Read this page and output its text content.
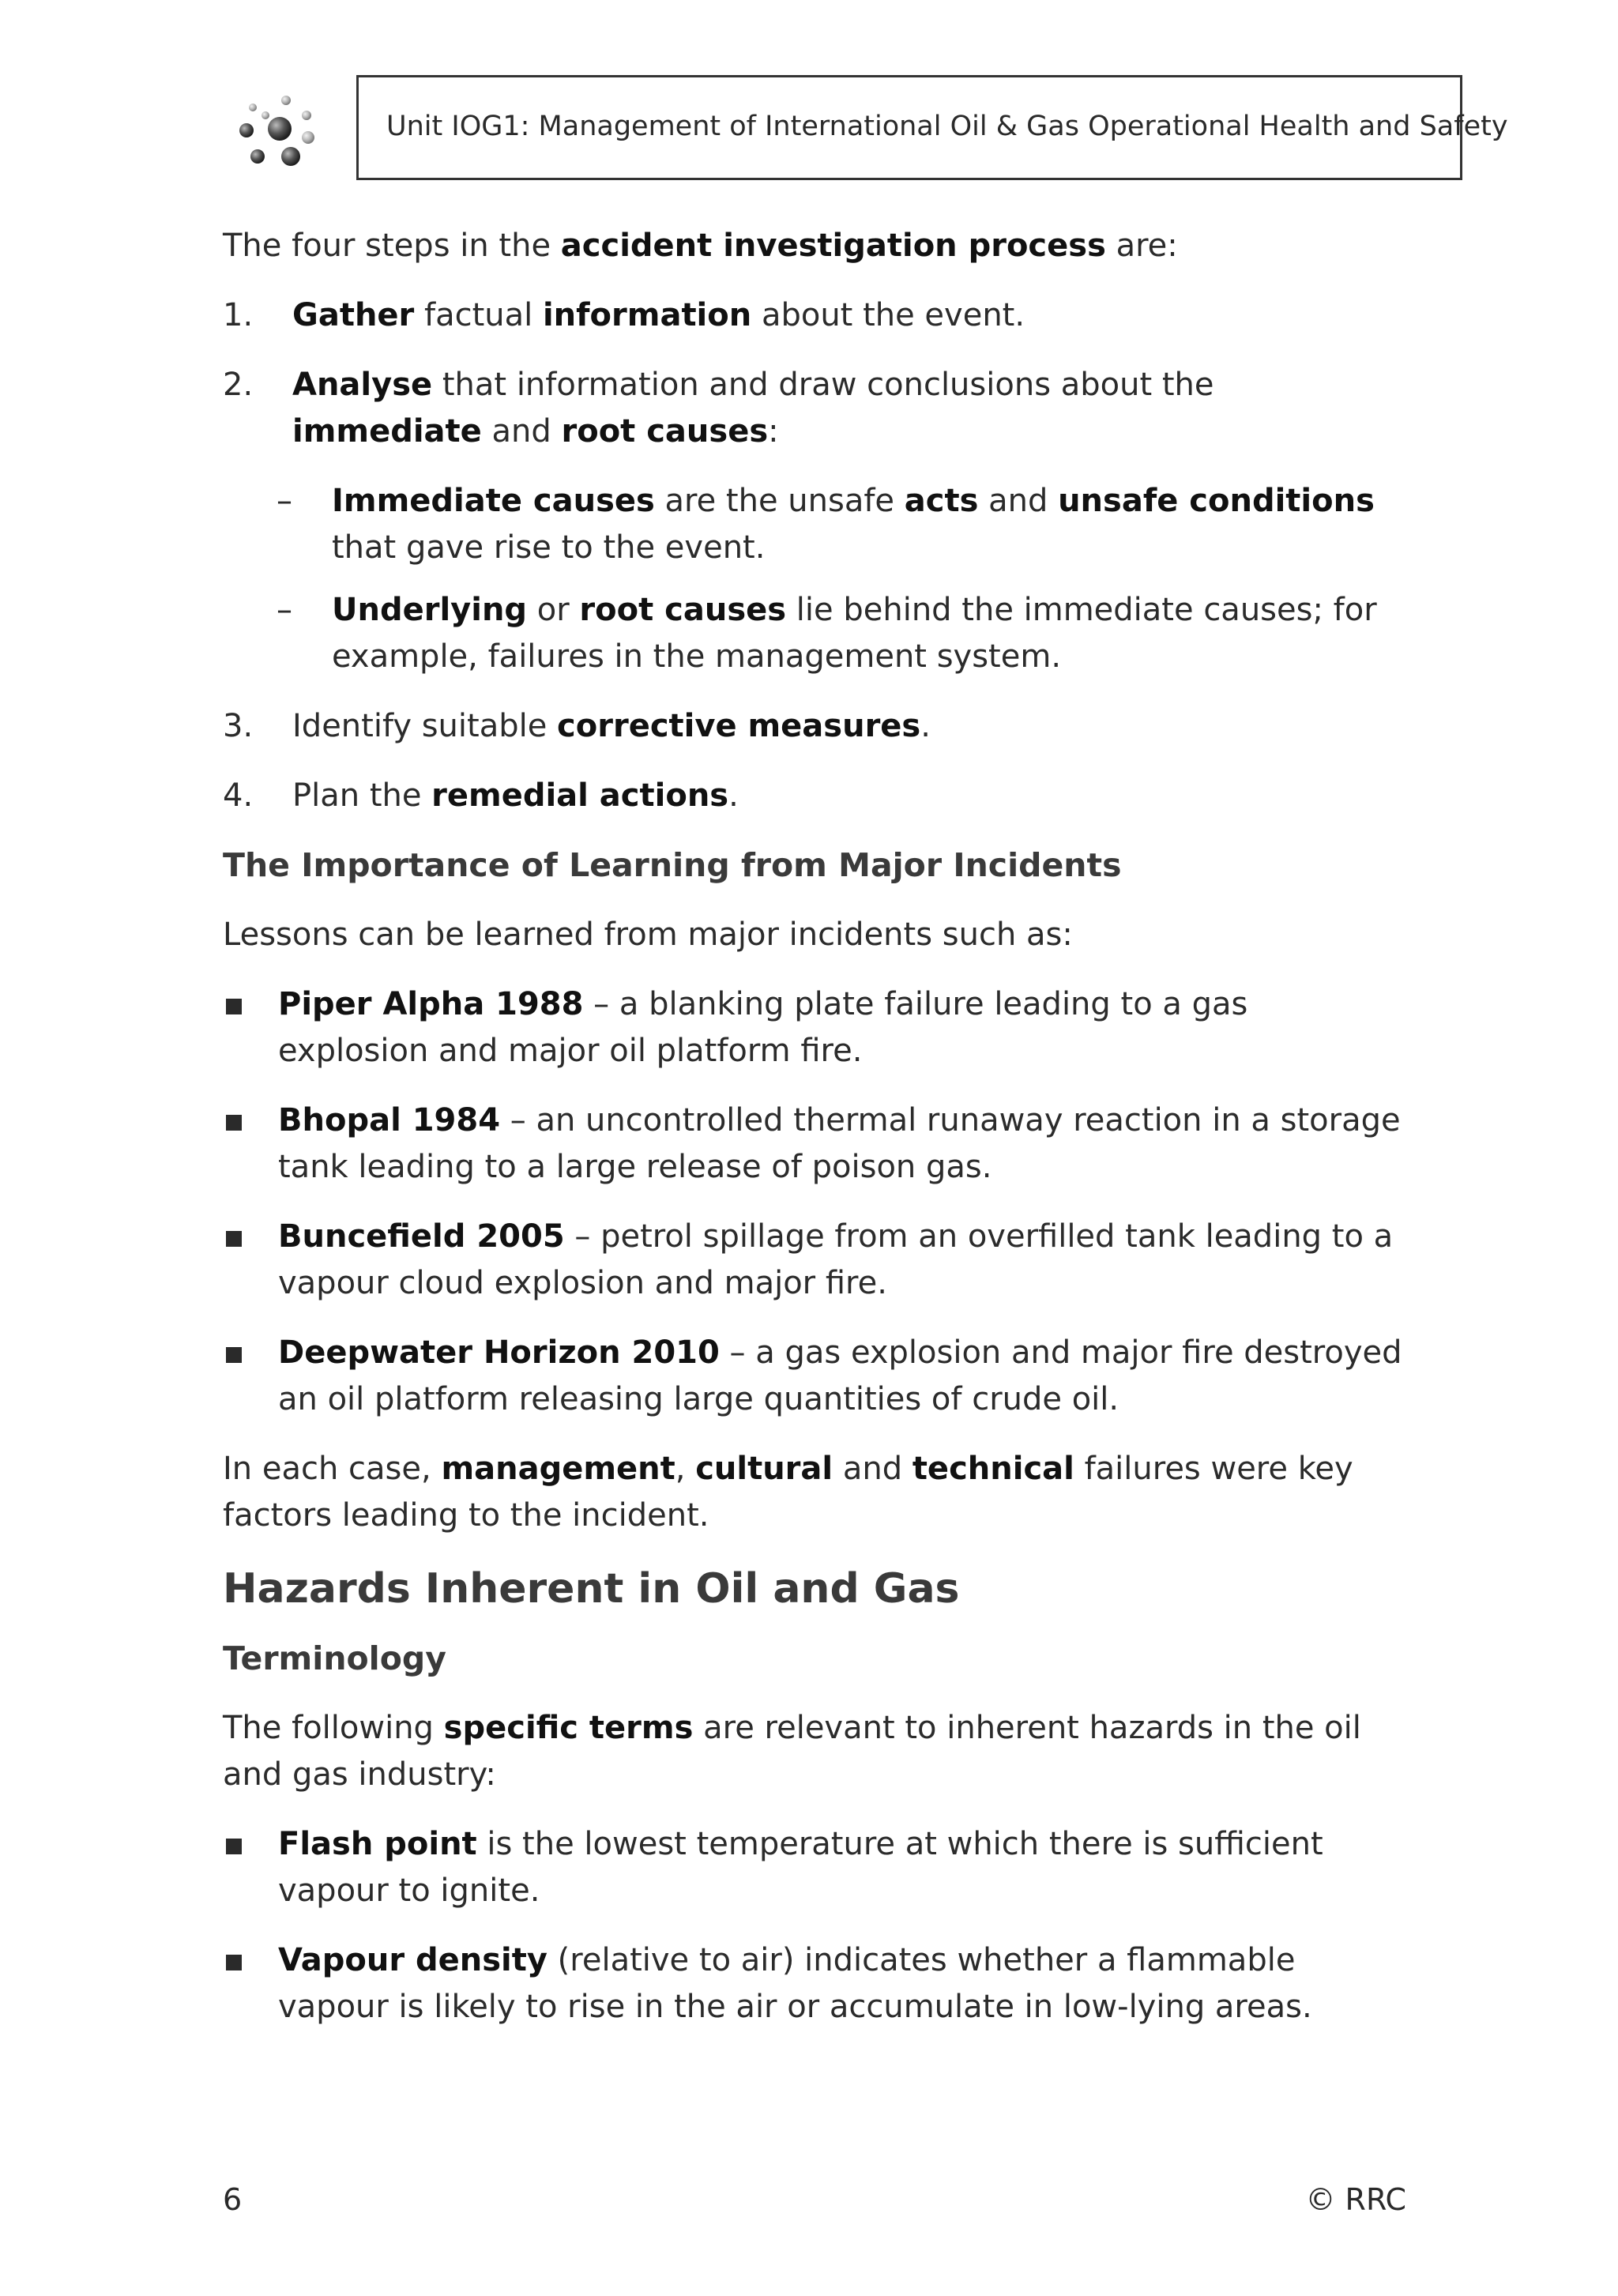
Unit IOG1: Management of International Oil & Gas Operational Health and Safety

The four steps in the accident investigation process are:

1. Gather factual information about the event.
2. Analyse that information and draw conclusions about the immediate and root causes:
– Immediate causes are the unsafe acts and unsafe conditions that gave rise to the event.
– Underlying or root causes lie behind the immediate causes; for example, failures in the management system.
3. Identify suitable corrective measures.
4. Plan the remedial actions.
The Importance of Learning from Major Incidents

Lessons can be learned from major incidents such as:

Piper Alpha 1988 – a blanking plate failure leading to a gas explosion and major oil platform fire.
Bhopal 1984 – an uncontrolled thermal runaway reaction in a storage tank leading to a large release of poison gas.
Buncefield 2005 – petrol spillage from an overfilled tank leading to a vapour cloud explosion and major fire.
Deepwater Horizon 2010 – a gas explosion and major fire destroyed an oil platform releasing large quantities of crude oil.

In each case, management, cultural and technical failures were key factors leading to the incident.

Hazards Inherent in Oil and Gas
Terminology

The following specific terms are relevant to inherent hazards in the oil and gas industry:

Flash point is the lowest temperature at which there is sufficient vapour to ignite.
Vapour density (relative to air) indicates whether a flammable vapour is likely to rise in the air or accumulate in low-lying areas.
6	© RRC
